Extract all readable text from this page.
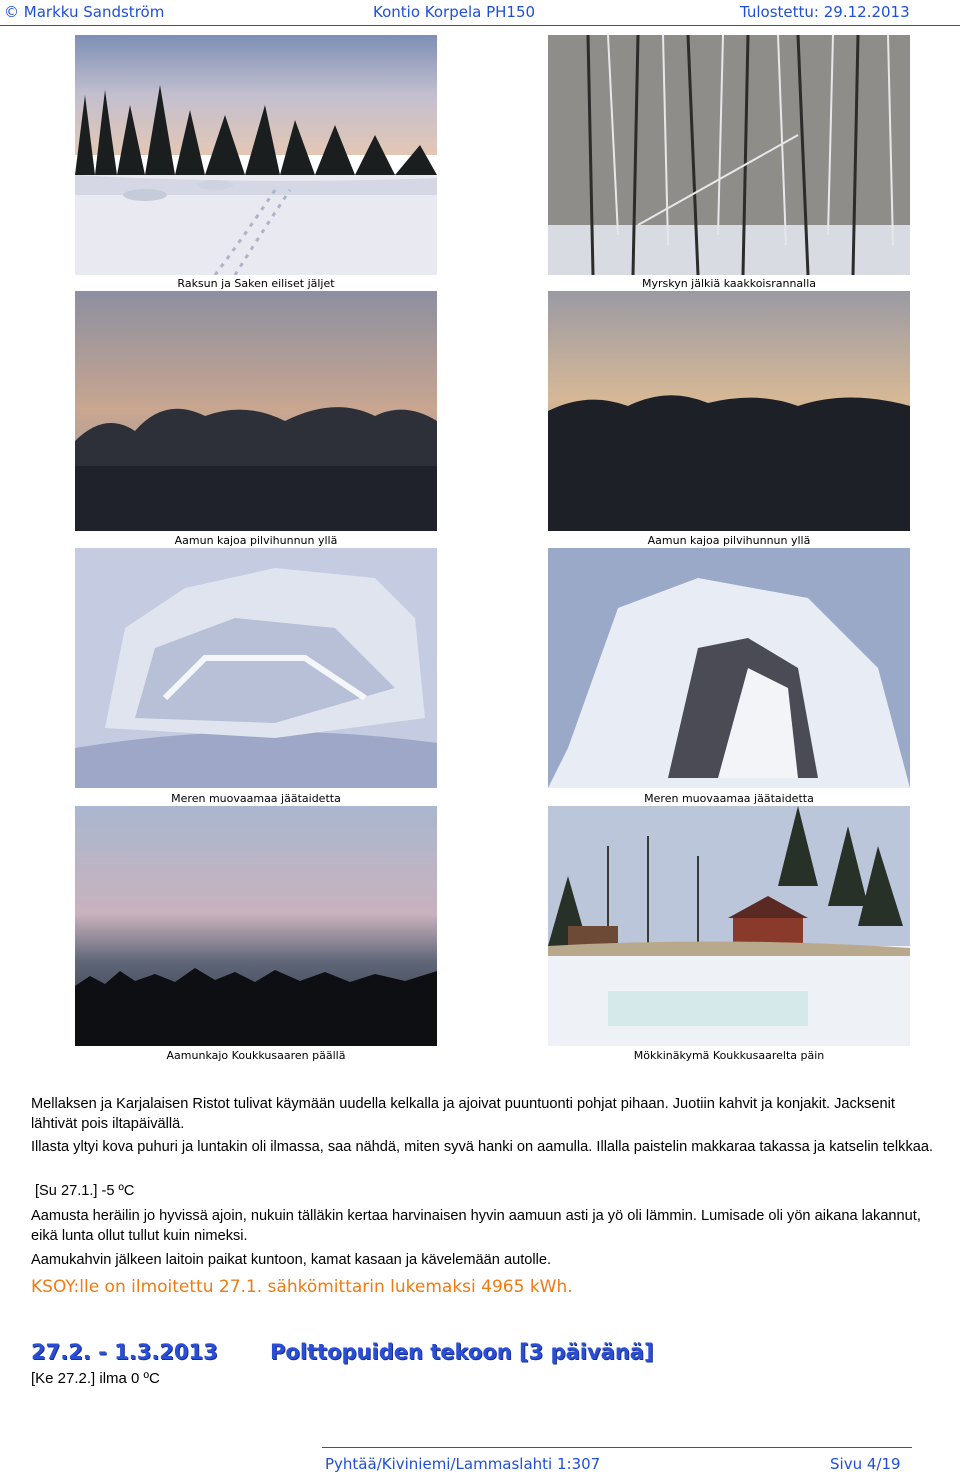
© Markku Sandström	Kontio Korpela PH150	Tulostettu: 29.12.2013
Raksun ja Saken eiliset jäljet	Myrskyn jälkiä kaakkoisrannalla
Aamun kajoa pilvihunnun yllä	Aamun kajoa pilvihunnun yllä
Meren muovaamaa jäätaidetta	Meren muovaamaa jäätaidetta
Aamunkajo Koukkusaaren päällä	Mökkinäkymä Koukkusaarelta päin

Mellaksen ja Karjalaisen Ristot tulivat käymään uudella kelkalla ja ajoivat puuntuonti pohjat pihaan. Juotiin kahvit ja konjakit. Jacksenit lähtivät pois iltapäivällä.

Illasta yltyi kova puhuri ja luntakin oli ilmassa, saa nähdä, miten syvä hanki on aamulla. Illalla paistelin makkaraa takassa ja katselin telkkaa.

[Su 27.1.] -5 ºC

Aamusta heräilin jo hyvissä ajoin, nukuin tälläkin kertaa harvinaisen hyvin aamuun asti ja yö oli lämmin. Lumisade oli yön aikana lakannut, eikä lunta ollut tullut kuin nimeksi.

Aamukahvin jälkeen laitoin paikat kuntoon, kamat kasaan ja kävelemään autolle.

KSOY:lle on ilmoitettu 27.1. sähkömittarin lukemaksi 4965 kWh.
27.2. - 1.3.2013 Polttopuiden tekoon [3 päivänä]
[Ke 27.2.] ilma 0 ºC
Pyhtää/Kiviniemi/Lammaslahti 1:307	Sivu 4/19
